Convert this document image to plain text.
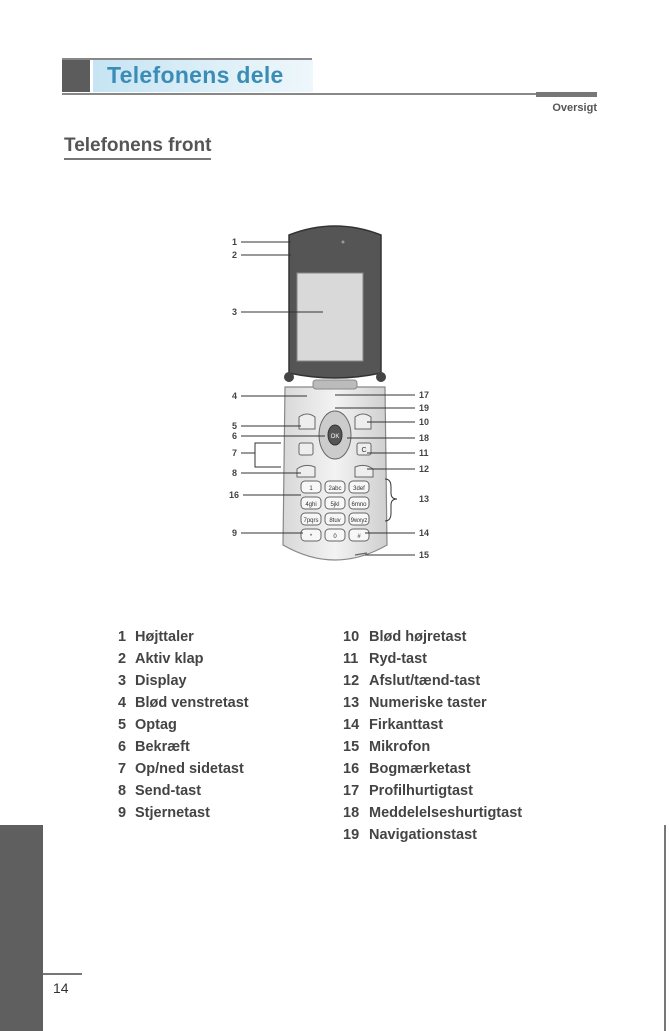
Telefonens dele
Oversigt
Telefonens front
OK
C
1	2abc 3def
4ghi 5jkl 6mno
7pqrs 8tuv 9wxyz
*	0	#
1
2
3
4
5
6
7
8
16
9
17
19
10
18
11
12
13
14
15
1 Højttaler
2 Aktiv klap
3 Display
4 Blød venstretast
5 Optag
6 Bekræft
7 Op/ned sidetast
8 Send-tast
9 Stjernetast
10 Blød højretast
11 Ryd-tast
12 Afslut/tænd-tast
13 Numeriske taster
14 Firkanttast
15 Mikrofon
16 Bogmærketast
17 Profilhurtigtast
18 Meddelelseshurtigtast
19 Navigationstast
14
